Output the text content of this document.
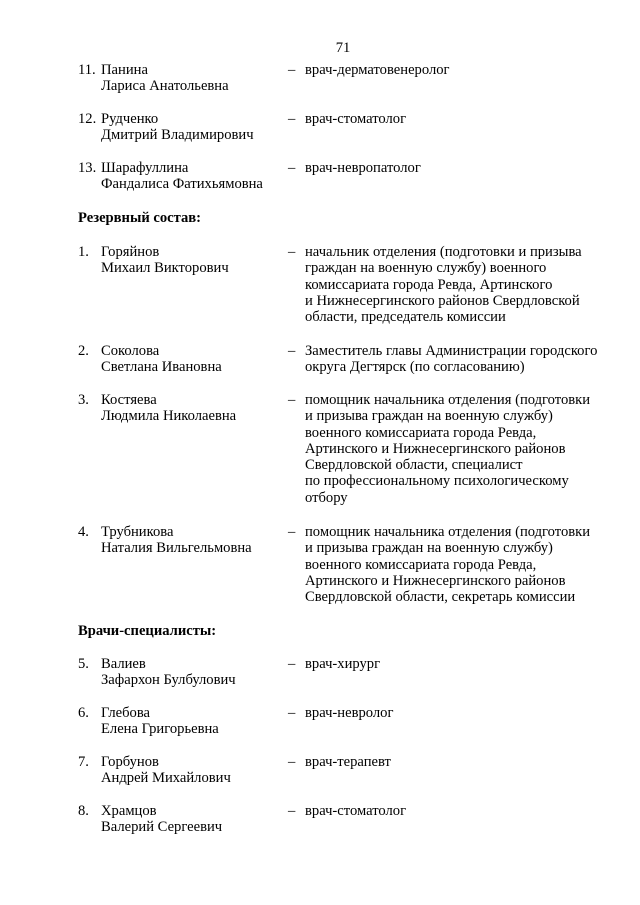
71
11. Панина
Лариса Анатольевна
– врач-дерматовенеролог
12. Рудченко
Дмитрий Владимирович
– врач-стоматолог
13. Шарафуллина
Фандалиса Фатихьямовна
– врач-невропатолог
Резервный состав:
1. Горяйнов
Михаил Викторович
– начальник отделения (подготовки и призыва
граждан на военную службу) военного
комиссариата города Ревда, Артинского
и Нижнесергинского районов Свердловской
области, председатель комиссии
2. Соколова
Светлана Ивановна
– Заместитель главы Администрации городского
округа Дегтярск (по согласованию)
3. Костяева
Людмила Николаевна
– помощник начальника отделения (подготовки
и призыва граждан на военную службу)
военного комиссариата города Ревда,
Артинского и Нижнесергинского районов
Свердловской области, специалист
по профессиональному психологическому
отбору
4. Трубникова
Наталия Вильгельмовна
– помощник начальника отделения (подготовки
и призыва граждан на военную службу)
военного комиссариата города Ревда,
Артинского и Нижнесергинского районов
Свердловской области, секретарь комиссии
Врачи-специалисты:
5. Валиев
Зафархон Булбулович
– врач-хирург
6. Глебова
Елена Григорьевна
– врач-невролог
7. Горбунов
Андрей Михайлович
– врач-терапевт
8. Храмцов
Валерий Сергеевич
– врач-стоматолог
